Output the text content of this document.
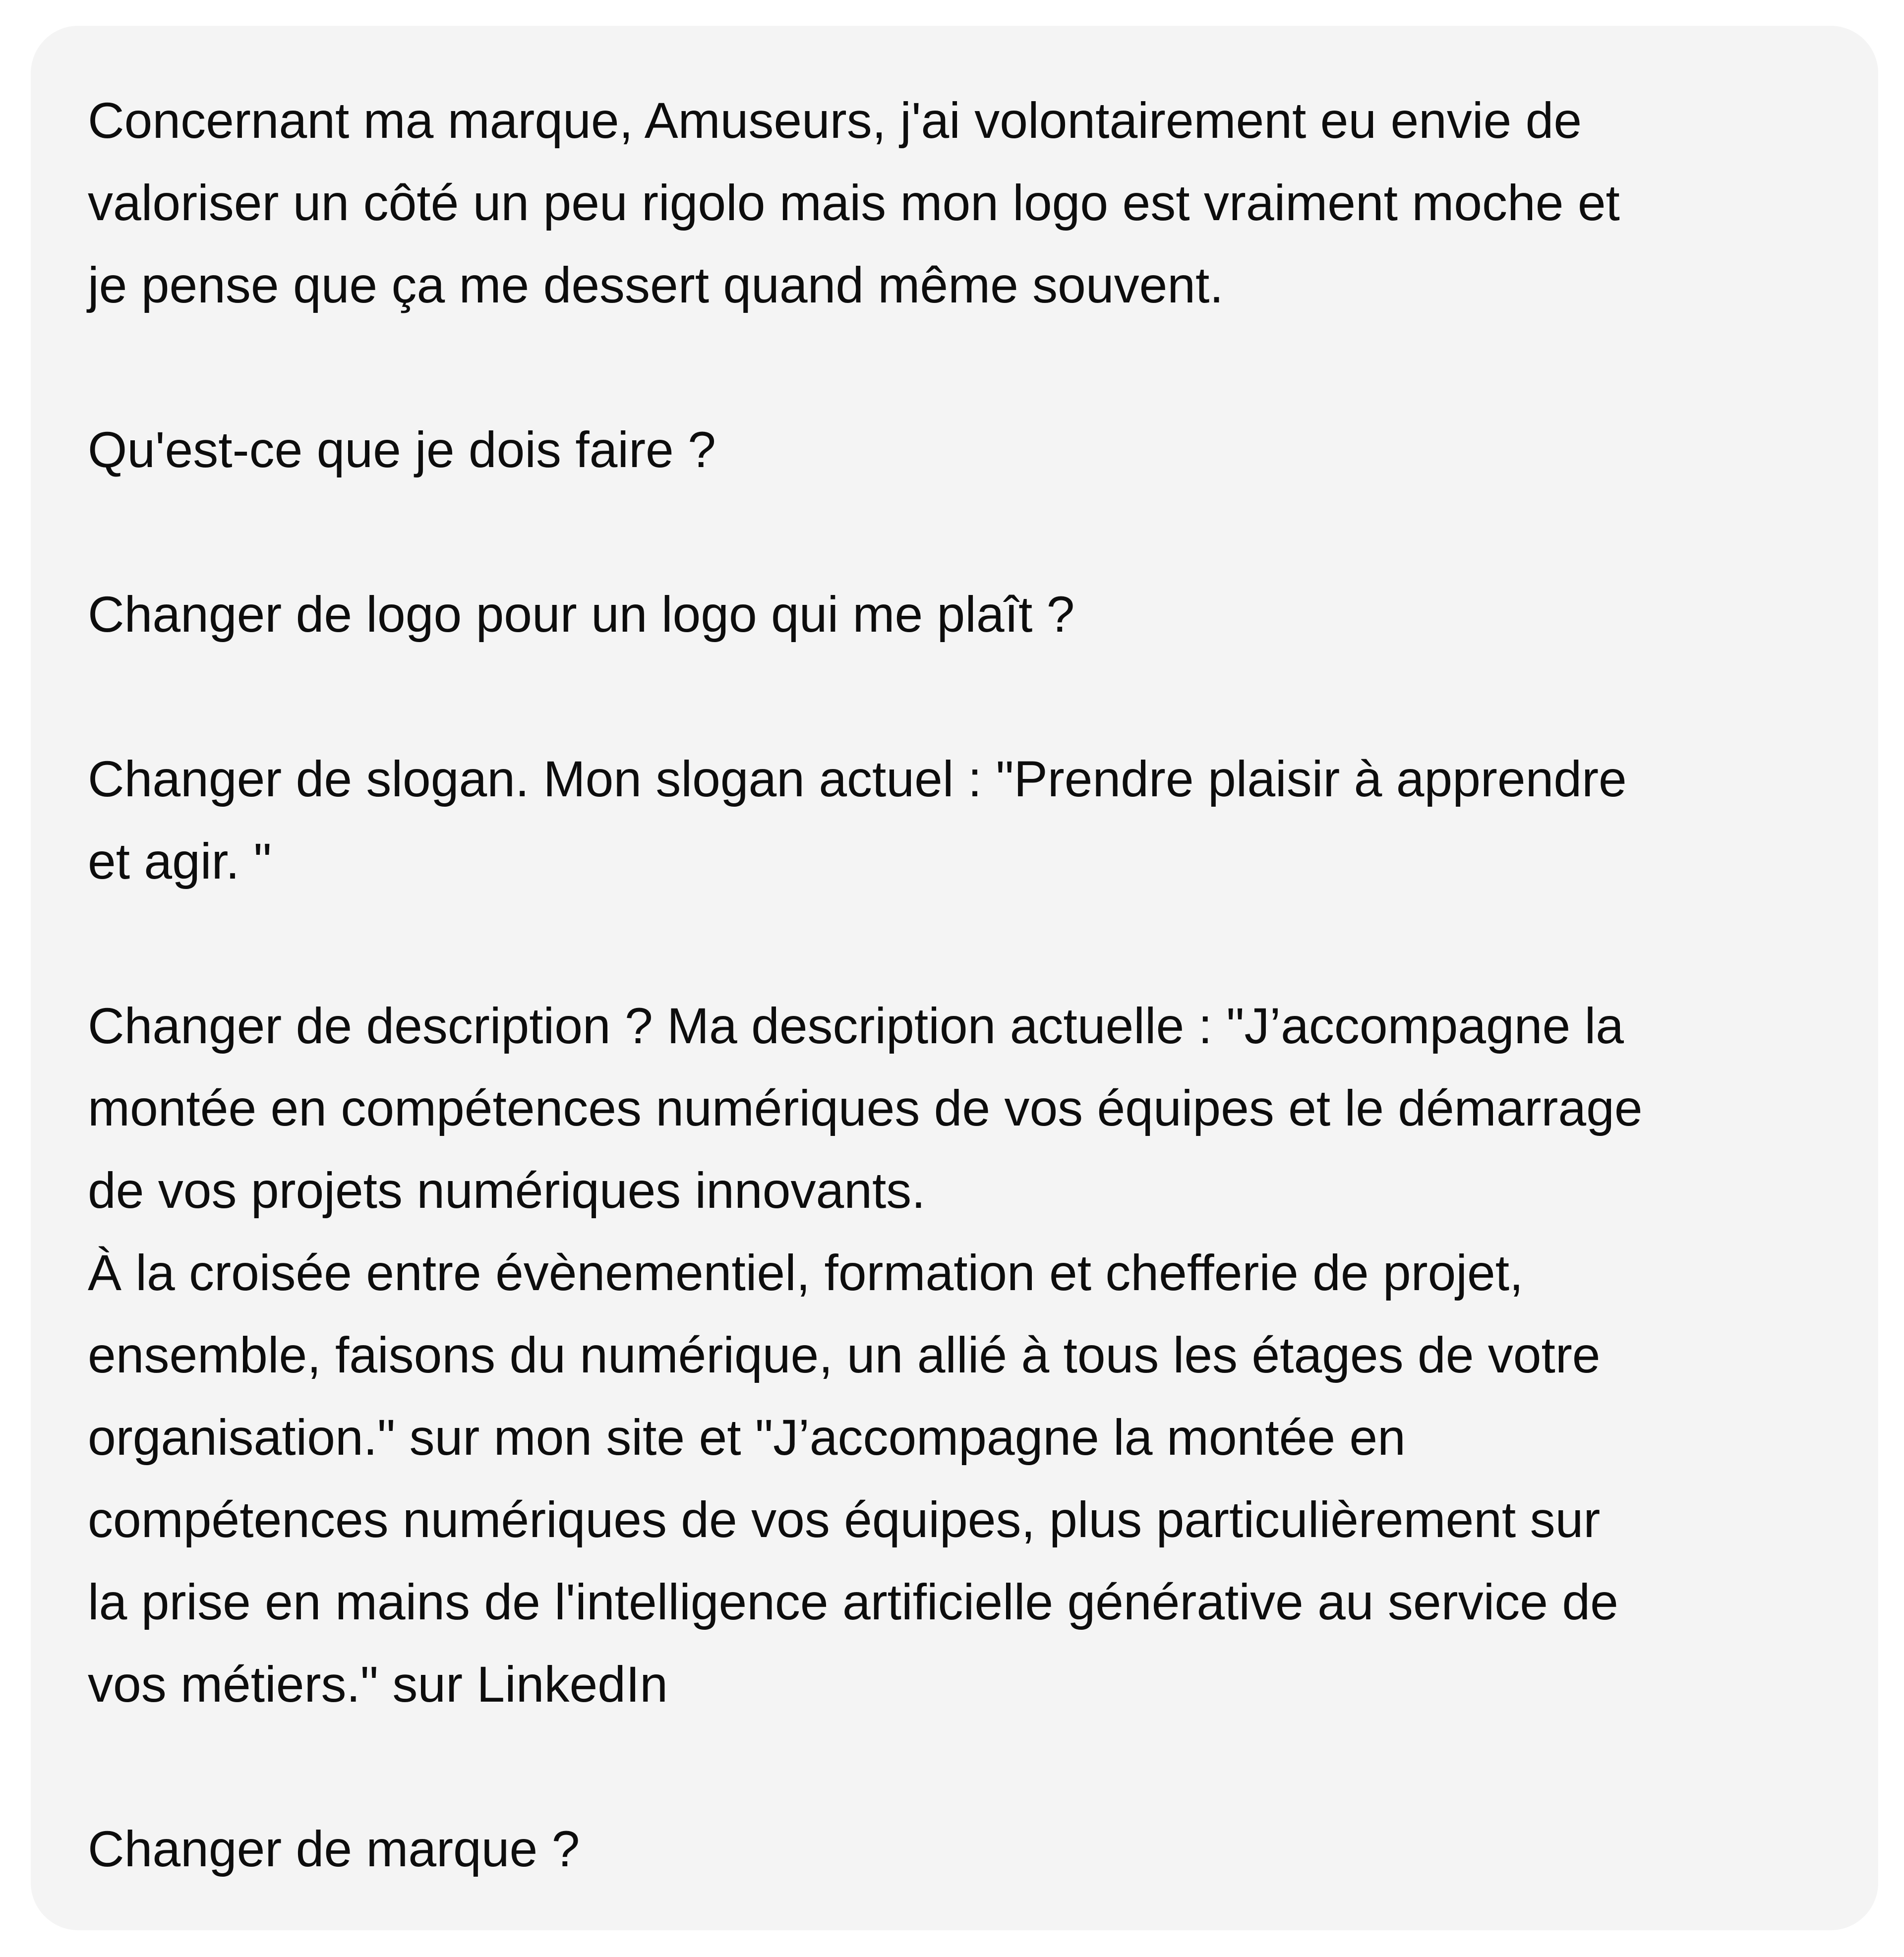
Concernant ma marque, Amuseurs, j'ai volontairement eu envie de
valoriser un côté un peu rigolo mais mon logo est vraiment moche et
je pense que ça me dessert quand même souvent.

Qu'est-ce que je dois faire ?

Changer de logo pour un logo qui me plaît ?

Changer de slogan. Mon slogan actuel : "Prendre plaisir à apprendre
et agir. "

Changer de description ? Ma description actuelle : "J’accompagne la
montée en compétences numériques de vos équipes et le démarrage
de vos projets numériques innovants.
À la croisée entre évènementiel, formation et chefferie de projet,
ensemble, faisons du numérique, un allié à tous les étages de votre
organisation." sur mon site et "J’accompagne la montée en
compétences numériques de vos équipes, plus particulièrement sur
la prise en mains de l'intelligence artificielle générative au service de
vos métiers." sur LinkedIn

Changer de marque ?
